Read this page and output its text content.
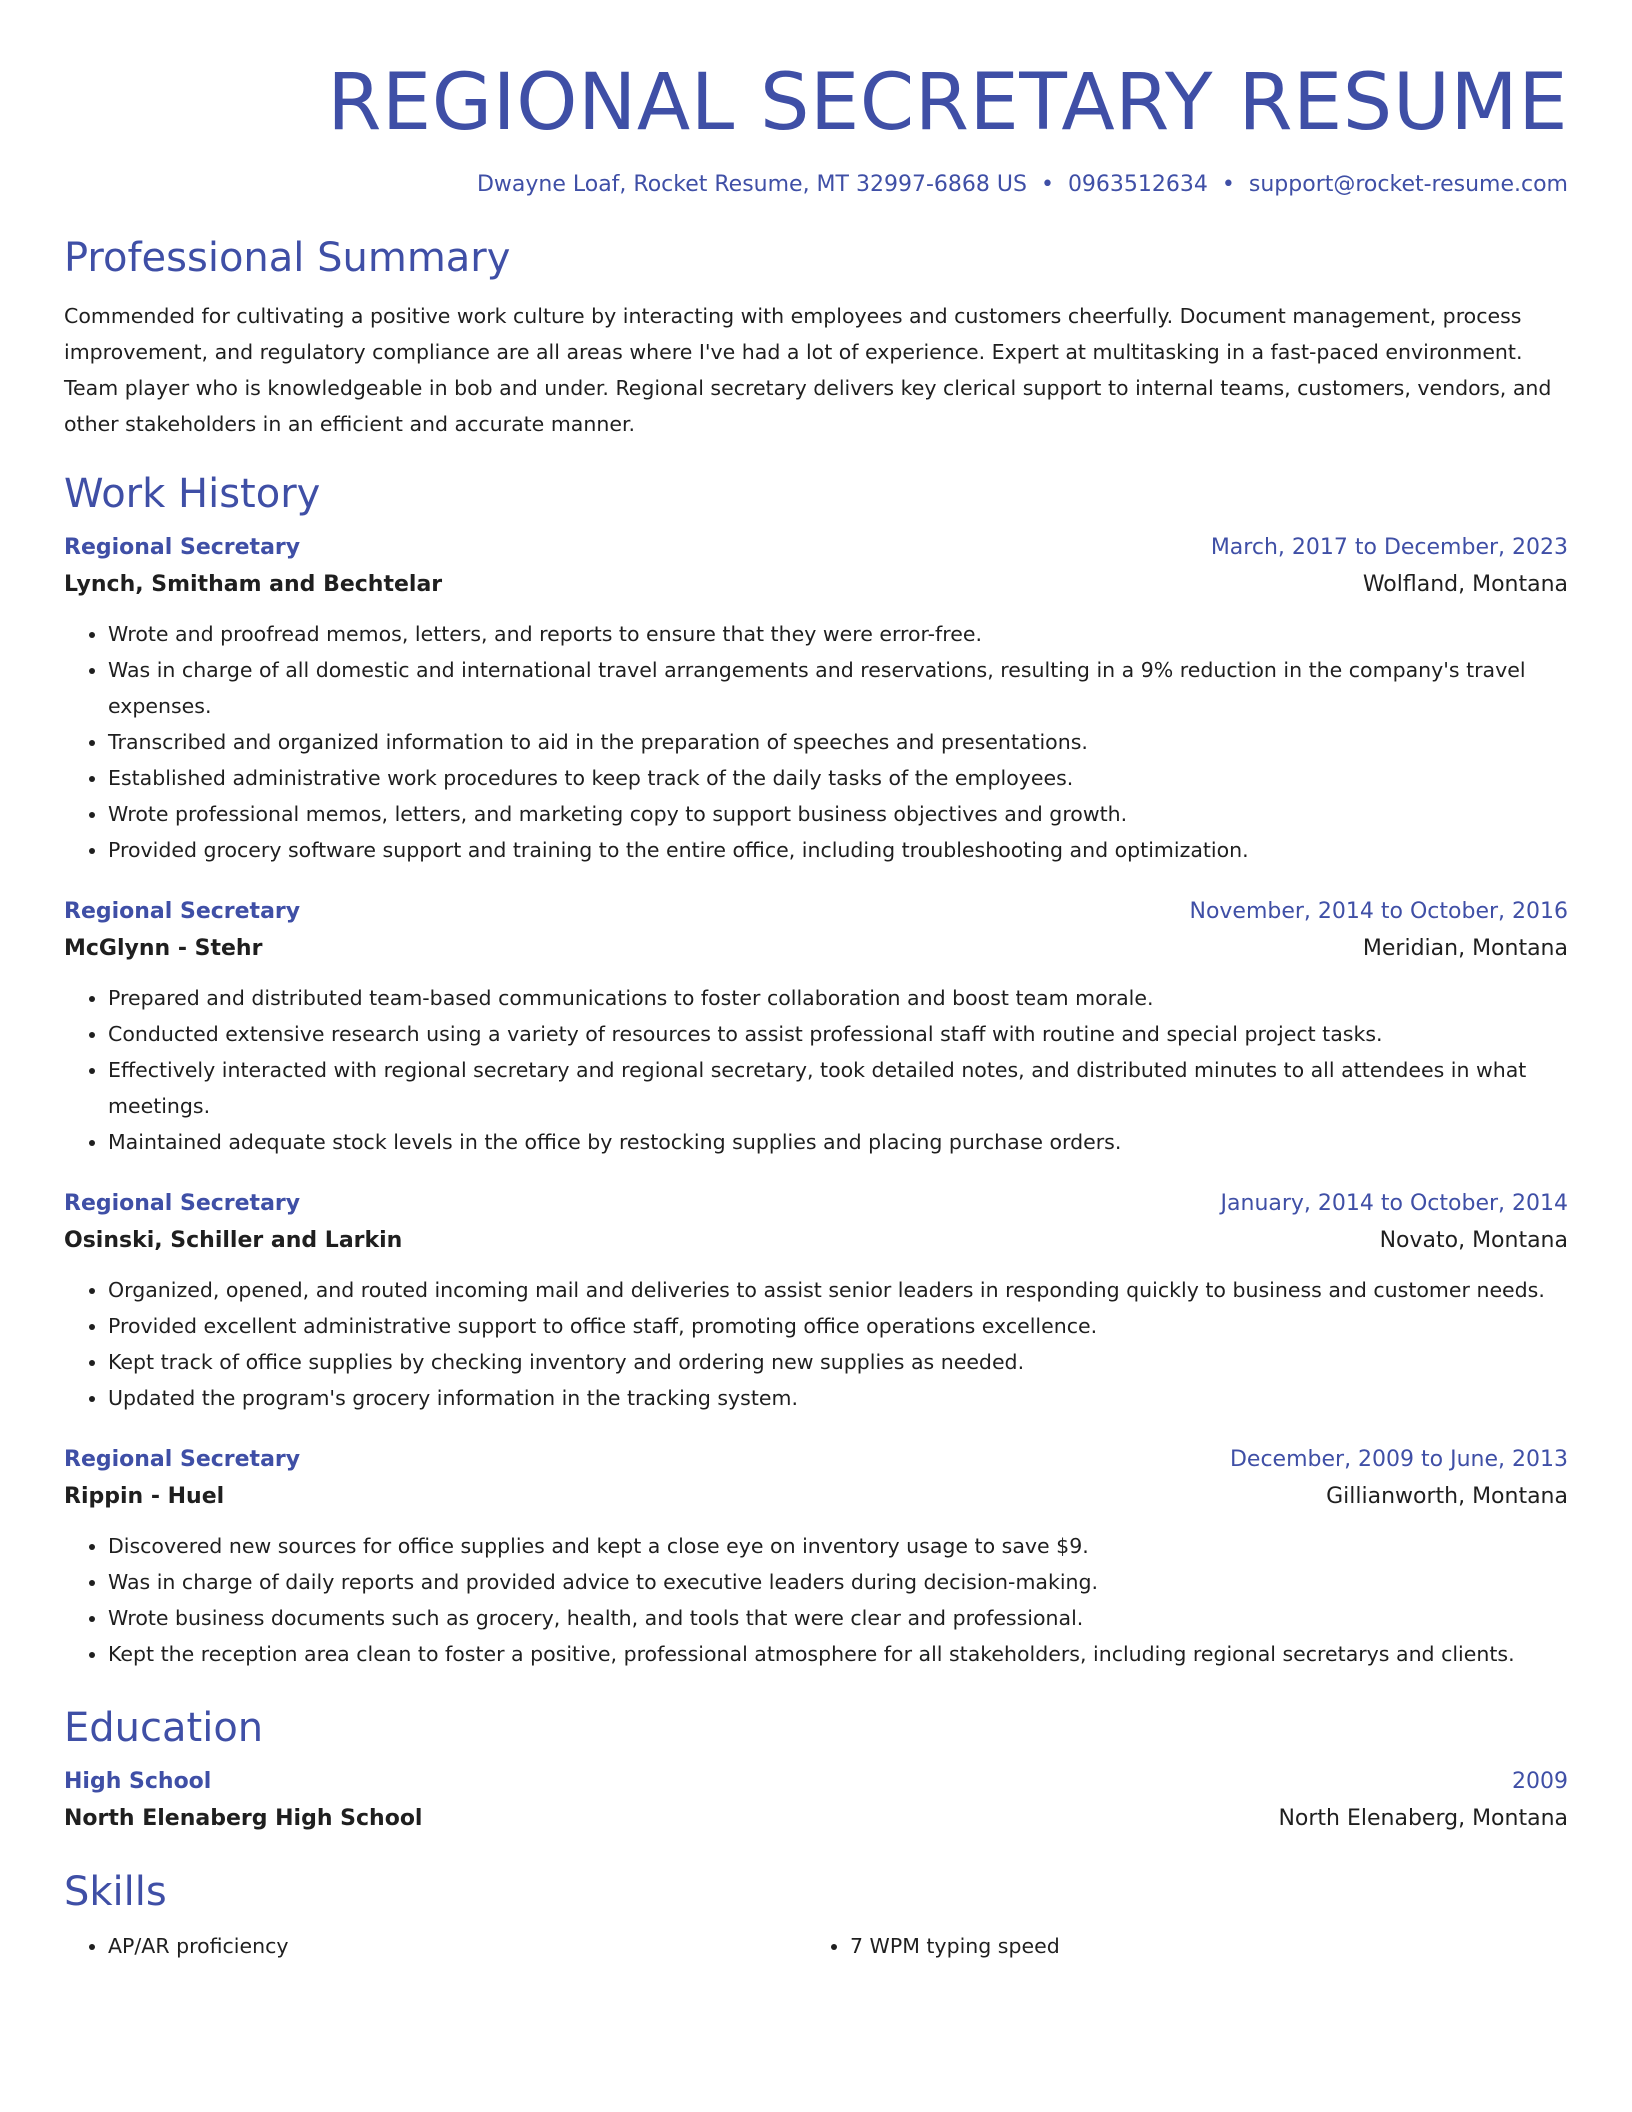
REGIONAL SECRETARY RESUME
Dwayne Loaf, Rocket Resume, MT 32997-6868 US • 0963512634 • support@rocket-resume.com
Professional Summary

Commended for cultivating a positive work culture by interacting with employees and customers cheerfully. Document management, process improvement, and regulatory compliance are all areas where I've had a lot of experience. Expert at multitasking in a fast-paced environment. Team player who is knowledgeable in bob and under. Regional secretary delivers key clerical support to internal teams, customers, vendors, and other stakeholders in an efficient and accurate manner.

Work History
Regional Secretary	March, 2017 to December, 2023
Lynch, Smitham and Bechtelar	Wolfland, Montana
• Wrote and proofread memos, letters, and reports to ensure that they were error-free.
• Was in charge of all domestic and international travel arrangements and reservations, resulting in a 9% reduction in the company's travel expenses.
• Transcribed and organized information to aid in the preparation of speeches and presentations.
• Established administrative work procedures to keep track of the daily tasks of the employees.
• Wrote professional memos, letters, and marketing copy to support business objectives and growth.
• Provided grocery software support and training to the entire office, including troubleshooting and optimization.
Regional Secretary	November, 2014 to October, 2016
McGlynn - Stehr	Meridian, Montana
• Prepared and distributed team-based communications to foster collaboration and boost team morale.
• Conducted extensive research using a variety of resources to assist professional staff with routine and special project tasks.
• Effectively interacted with regional secretary and regional secretary, took detailed notes, and distributed minutes to all attendees in what meetings.
• Maintained adequate stock levels in the office by restocking supplies and placing purchase orders.
Regional Secretary	January, 2014 to October, 2014
Osinski, Schiller and Larkin	Novato, Montana
• Organized, opened, and routed incoming mail and deliveries to assist senior leaders in responding quickly to business and customer needs.
• Provided excellent administrative support to office staff, promoting office operations excellence.
• Kept track of office supplies by checking inventory and ordering new supplies as needed.
• Updated the program's grocery information in the tracking system.
Regional Secretary	December, 2009 to June, 2013
Rippin - Huel	Gillianworth, Montana
• Discovered new sources for office supplies and kept a close eye on inventory usage to save $9.
• Was in charge of daily reports and provided advice to executive leaders during decision-making.
• Wrote business documents such as grocery, health, and tools that were clear and professional.
• Kept the reception area clean to foster a positive, professional atmosphere for all stakeholders, including regional secretarys and clients.
Education
High School	2009
North Elenaberg High School	North Elenaberg, Montana
Skills
• AP/AR proficiency
•	7 WPM typing speed
